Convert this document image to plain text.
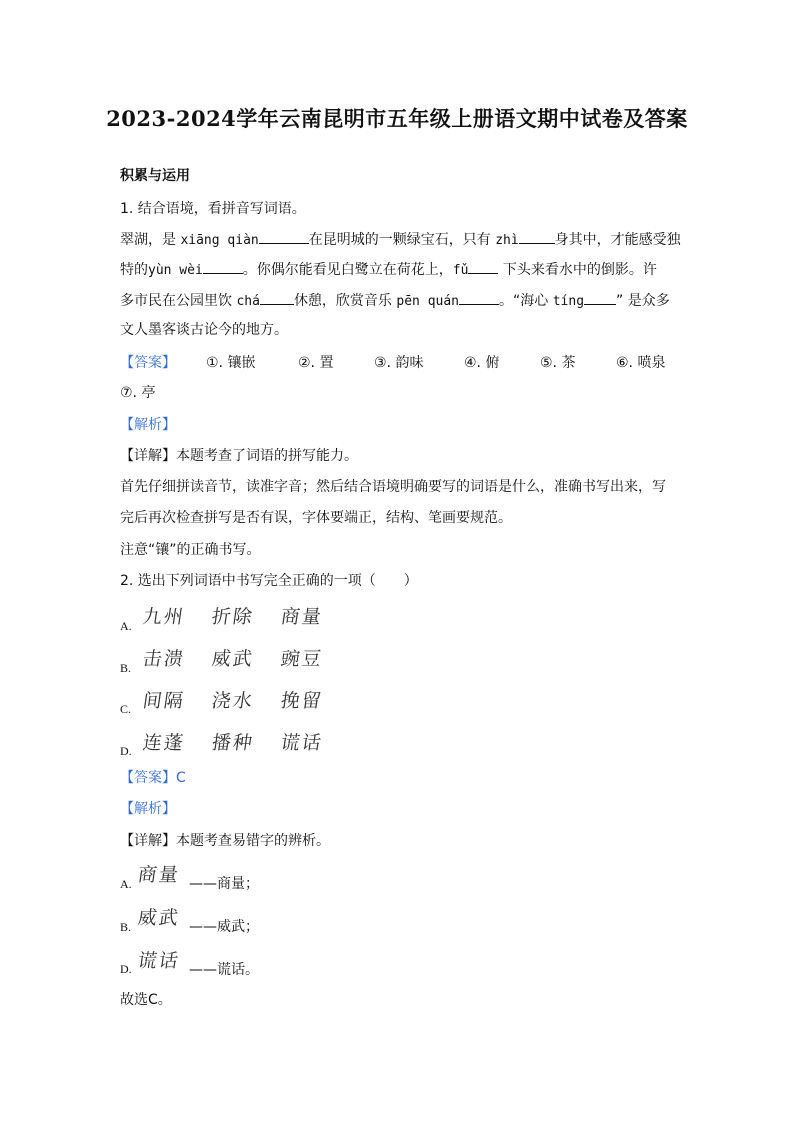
2023-2024学年云南昆明市五年级上册语文期中试卷及答案
积累与运用
1. 结合语境，看拼音写词语。
翠湖，是 xiāng qiàn	在昆明城的一颗绿宝石，只有 zhì	身其中，才能感受独
特的yùn wèi	。你偶尔能看见白鹭立在荷花上，fǔ 下头来看水中的倒影。许
多市民在公园里饮 chá 休憩，欣赏音乐 pēn quán	。“海心 tíng ” 是众多
文人墨客谈古论今的地方。
【答案】 ①. 镶嵌	②. 置	③. 韵味	④. 俯	⑤. 茶	⑥. 喷泉
⑦. 亭
【解析】
【详解】本题考查了词语的拼写能力。
首先仔细拼读音节，读准字音；然后结合语境明确要写的词语是什么，准确书写出来，写
完后再次检查拼写是否有误，字体要端正，结构、笔画要规范。
注意“镶”的正确书写。
2. 选出下列词语中书写完全正确的一项（　　）
A. 九州 折除 商量
B. 击溃 威武 豌豆
C. 间隔 浇水 挽留
D. 连蓬 播种 谎话
【答案】C
【解析】
【详解】本题考查易错字的辨析。
A. 商量 ——商量；
B. 威武 ——威武；
D. 谎话 ——谎话。
故选C。
